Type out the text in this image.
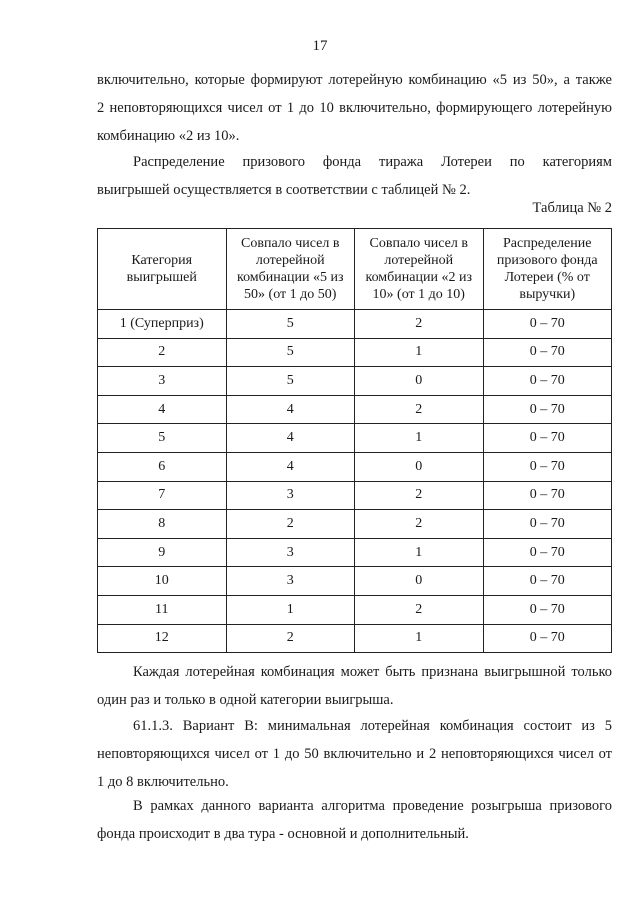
17
включительно, которые формируют лотерейную комбинацию «5 из 50», а также
2 неповторяющихся чисел от 1 до 10 включительно, формирующего лотерейную
комбинацию «2 из 10».
Распределение призового фонда тиража Лотереи по категориям
выигрышей осуществляется в соответствии с таблицей № 2.
Таблица № 2
Категория выигрышей	Совпало чисел в лотерейной комбинации «5 из 50» (от 1 до 50)	Совпало чисел в лотерейной комбинации «2 из 10» (от 1 до 10)	Распределение призового фонда Лотереи (% от выручки)
1 (Суперприз)	5	2	0 – 70
2	5	1	0 – 70
3	5	0	0 – 70
4	4	2	0 – 70
5	4	1	0 – 70
6	4	0	0 – 70
7	3	2	0 – 70
8	2	2	0 – 70
9	3	1	0 – 70
10	3	0	0 – 70
11	1	2	0 – 70
12	2	1	0 – 70
Каждая лотерейная комбинация может быть признана выигрышной только
один раз и только в одной категории выигрыша.
61.1.3. Вариант В: минимальная лотерейная комбинация состоит из 5
неповторяющихся чисел от 1 до 50 включительно и 2 неповторяющихся чисел от
1 до 8 включительно.
В рамках данного варианта алгоритма проведение розыгрыша призового
фонда происходит в два тура - основной и дополнительный.
